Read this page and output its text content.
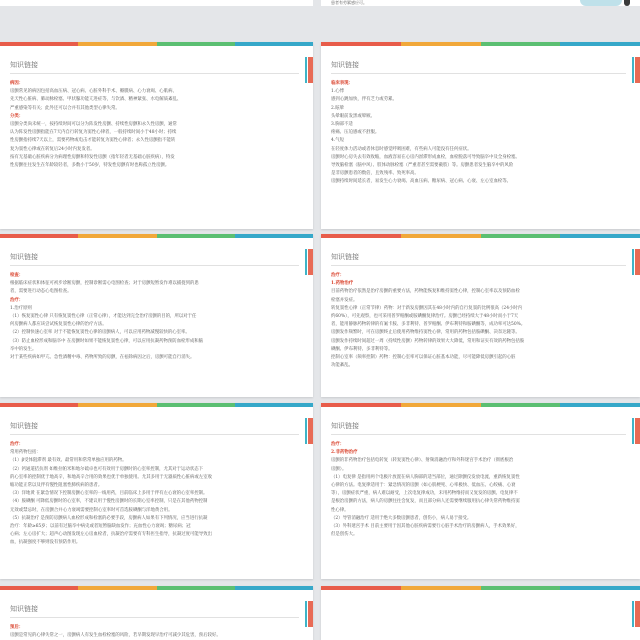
患者有劳累感应可。
知识链接

病因：

房颤常见的病因包括高血压病、冠心病、心脏外科手术、瓣膜病、心力衰竭、心肌病、

先天性心脏病、肺动脉栓塞、甲状腺功能亢进症等，与饮酒、精神紧张、水电解质紊乱、

严重感染等有关；此外还可以合并有其他类型心律失常。

分类：

房颤分类尚未统一，按持续时间可以分为阵发性房颤、持续性房颤和永久性房颤，通常

认为阵发性房颤指能在7天内自行转复为窦性心律者，一般持续时间小于48小时；持续

性房颤指持续7天以上，需要药物或电击才能转复为窦性心律者；永久性房颤指不能转

复为窦性心律或在转复后24小时内复发者。

按有无基础心脏疾病分为病理性房颤和特发性房颤（指年轻者无基础心脏疾病），特发

性房颤往往发生在年龄较轻者，多数小于50岁，特发性房颤有时也称孤立性房颤。

知识链接

临床表现：

1.心悸

感到心跳加快，伴有乏力或劳累。

2.眩晕

头晕眼前发黑或晕厥。

3.胸部不适

疼痛、压迫感或不舒服。

4.气短

在轻度体力活动或者休息时感觉呼吸困难，有些病人可能没有任何症状。

房颤时心房失去有效收缩，血液容易在心房内淤滞形成血栓，血栓脱落可导致脑卒中及全身栓塞。

导致脑栓塞（脑中风）、肢体动脉栓塞（严重者甚至需要截肢）等。房颤患者发生脑卒中的风险

是非房颤患者的数倍，且致残率、致死率高。

房颤持续时间延长者，易发生心力衰竭、高血压病、糖尿病、冠心病、心衰、左心室血栓等。

知识链接

检查：

根据临床症状和体征可初步诊断房颤，控制诊断需心电图检查；对于房颤短暂发作难以捕捉到的患

者，需要进行动态心电图检查。

治疗：

1.治疗原则

（1）恢复窦性心律 只有恢复窦性心律（正常心律），才能达到完全治疗房颤的目的，所以对于任

何房颤病人都应该尝试恢复窦性心律的治疗方法。

（2）控制快速心室率 对于不能恢复窦性心律的房颤病人，可以应用药物减慢较快的心室率。

（3）防止血栓形成和脑卒中 在房颤时如果不能恢复窦性心律，可以应用抗凝药物预防血栓形成和脑

卒中的发生。

对于某些疾病如甲亢、急性酒精中毒、药物所致的房颤，在祛除病因之后，房颤可能自行消失。

知识链接

治疗：

1.药物治疗

目前药物治疗依然是治疗房颤的重要方法，药物能恢复和维持窦性心律，控制心室率以及预防血栓

栓塞并发症。

转复窦性心律（正常节律）药物：对于新发房颤因其在48小时内的自行复窦的比例很高（24小时内

约60%），可先观察，也可采用普罗帕酮或胺碘酮复律治疗。房颤已经持续大于48小时而小于7天

者，能用静脉药物转律的有氟卡胺、多非利特、普罗帕酮、伊布利特和胺碘酮等，成功率可达50%。

房颤发作频繁时，可在房颤终止后使用药物维持窦性心律，常用的药物包括胺碘酮、决奈达隆等。

房颤发作持续时间超过一周（持续性房颤）药物转律的效果大大降低，常用和证实有效的药物包括胺

碘酮、伊布利特、多非利特等。

控制心室率（频率控制）药物：控制心室率可以保证心脏基本功能，尽可能降低房颤引起的心脏

功能紊乱。

知识链接

治疗：

常用药物包括：

（1）β受体阻滞剂 最有效、最常用和常常单独应用的药物。

（2）钙通道拮抗剂 如维拉帕米和地尔硫卓也可有效用于房颤时的心室率控制，尤其对于运动状态下

的心室率的控制优于地高辛，和地高辛合用的效果也优于单独使用。尤其多用于无器质性心脏病或左室收

缩功能正常以及伴有慢性阻塞性肺疾病的患者。

（3）洋地黄 在紧急情况下控制房颤心室率的一线用药，目前临床上多用于伴有左心衰的心室率控制。

（4）胺碘酮 可降低房颤时的心室率，不建议用于慢性房颤时的长期心室率控制，只是在其他药物控制

无效或禁忌时，在房颤合并心力衰竭需要控制心室率时可首选胺碘酮与洋地黄合用。

（5）抗凝治疗 是预防房颤病人血栓形成和栓塞的必要手段，房颤病人如果有下列情况，应当进行抗凝

治疗：年龄≥65岁；以前有过脑卒中病史或者短暂脑缺血发作；充血性心力衰竭；糖尿病；冠

心病；左心房扩大；超声心动图发现左心房血栓者，抗凝治疗需要有专科医生指导，抗凝过度可能导致出

血，抗凝强度不够则没有预防作用。

知识链接

治疗：

2.非药物治疗

房颤的非药物治疗包括电转复（转复窦性心律）、射频消融治疗和外科迷宫手术治疗（彻底根治

房颤）。

（1）电复律 是指用两个电极片放置在病人胸部的适当部位，通过除颤仪发放电流，重新恢复窦性

心律的方法。电复律适用于：紧急情况的房颤（如心肌梗死、心率极快、低血压、心绞痛、心衰

等），房颤症状严重，病人难以耐受，上次电复律成功，未用药物维持而又复发的房颤。电复律不

是根治房颤的方法，病人的房颤往往会复发，而且部分病人还需要继续服用抗心律失常药物维持窦

性心律。

（2）导管消融治疗 适用于绝大多数房颤患者，创伤小，病人易于接受。

（3）外科迷宫手术 目前主要用于因其他心脏疾病需要行心脏手术治疗的房颤病人，手术效果好，

但是创伤大。

知识链接

预后：

房颤是常见的心律失常之一，房颤病人有发生血栓栓塞的风险，若早期发现早治疗可减少其危害，预后较好。
